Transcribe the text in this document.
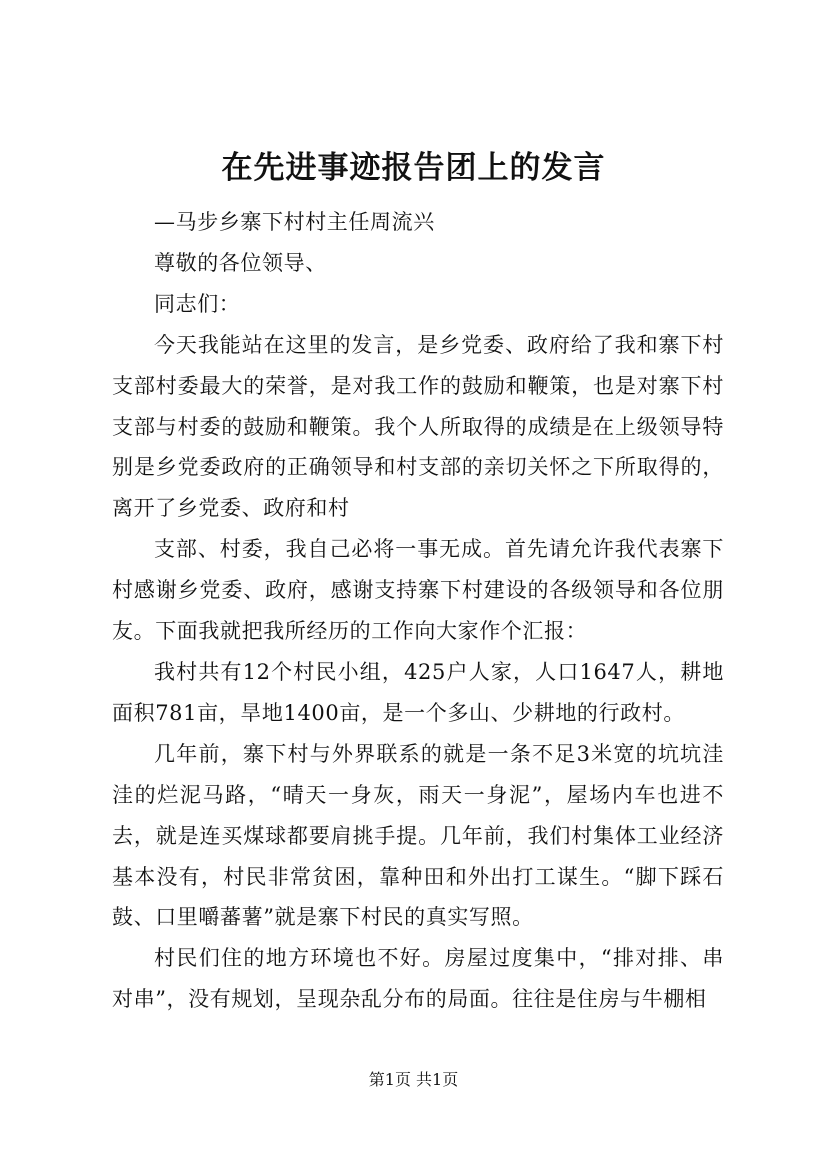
在先进事迹报告团上的发言

—马步乡寨下村村主任周流兴

尊敬的各位领导、

同志们：

今天我能站在这里的发言，是乡党委、政府给了我和寨下村支部村委最大的荣誉，是对我工作的鼓励和鞭策，也是对寨下村支部与村委的鼓励和鞭策。我个人所取得的成绩是在上级领导特别是乡党委政府的正确领导和村支部的亲切关怀之下所取得的，离开了乡党委、政府和村

支部、村委，我自己必将一事无成。首先请允许我代表寨下村感谢乡党委、政府，感谢支持寨下村建设的各级领导和各位朋友。下面我就把我所经历的工作向大家作个汇报：

我村共有12个村民小组，425户人家，人口1647人，耕地面积781亩，旱地1400亩，是一个多山、少耕地的行政村。

几年前，寨下村与外界联系的就是一条不足3米宽的坑坑洼洼的烂泥马路，“晴天一身灰，雨天一身泥”，屋场内车也进不去，就是连买煤球都要肩挑手提。几年前，我们村集体工业经济基本没有，村民非常贫困，靠种田和外出打工谋生。“脚下踩石鼓、口里嚼蕃薯”就是寨下村民的真实写照。

村民们住的地方环境也不好。房屋过度集中，“排对排、串对串”，没有规划，呈现杂乱分布的局面。往往是住房与牛棚相

第1页 共1页
